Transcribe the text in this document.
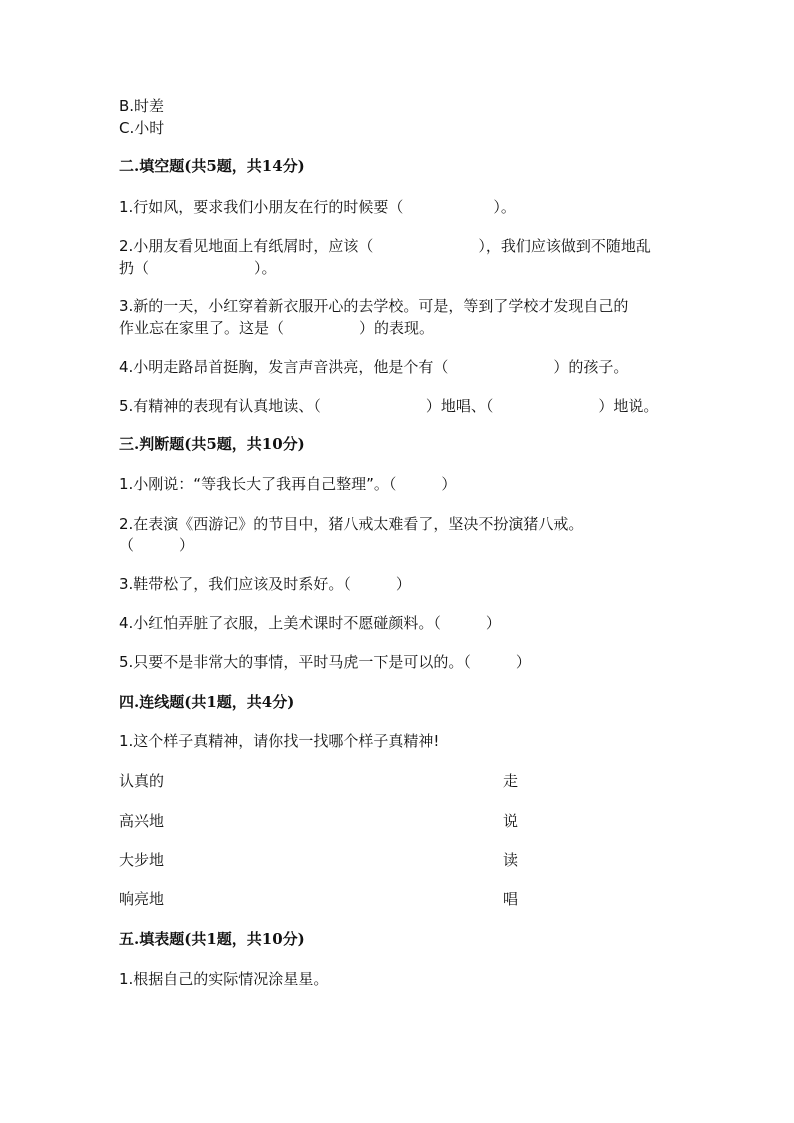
B.时差
C.小时
二.填空题(共5题，共14分)
1.行如风，要求我们小朋友在行的时候要（　　　　　　）。
2.小朋友看见地面上有纸屑时，应该（　　　　　　　），我们应该做到不随地乱
扔（　　　　　　　）。
3.新的一天，小红穿着新衣服开心的去学校。可是，等到了学校才发现自己的
作业忘在家里了。这是（　　　　　）的表现。
4.小明走路昂首挺胸，发言声音洪亮，他是个有（　　　　　　　）的孩子。
5.有精神的表现有认真地读、（　　　　　　　）地唱、（　　　　　　　）地说。
三.判断题(共5题，共10分)
1.小刚说：“等我长大了我再自己整理”。（　　　）
2.在表演《西游记》的节目中，猪八戒太难看了，坚决不扮演猪八戒。
（　　　）
3.鞋带松了，我们应该及时系好。（　　　）
4.小红怕弄脏了衣服，上美术课时不愿碰颜料。（　　　）
5.只要不是非常大的事情，平时马虎一下是可以的。（　　　）
四.连线题(共1题，共4分)
1.这个样子真精神，请你找一找哪个样子真精神!
认真的	走
高兴地	说
大步地	读
响亮地	唱
五.填表题(共1题，共10分)
1.根据自己的实际情况涂星星。
